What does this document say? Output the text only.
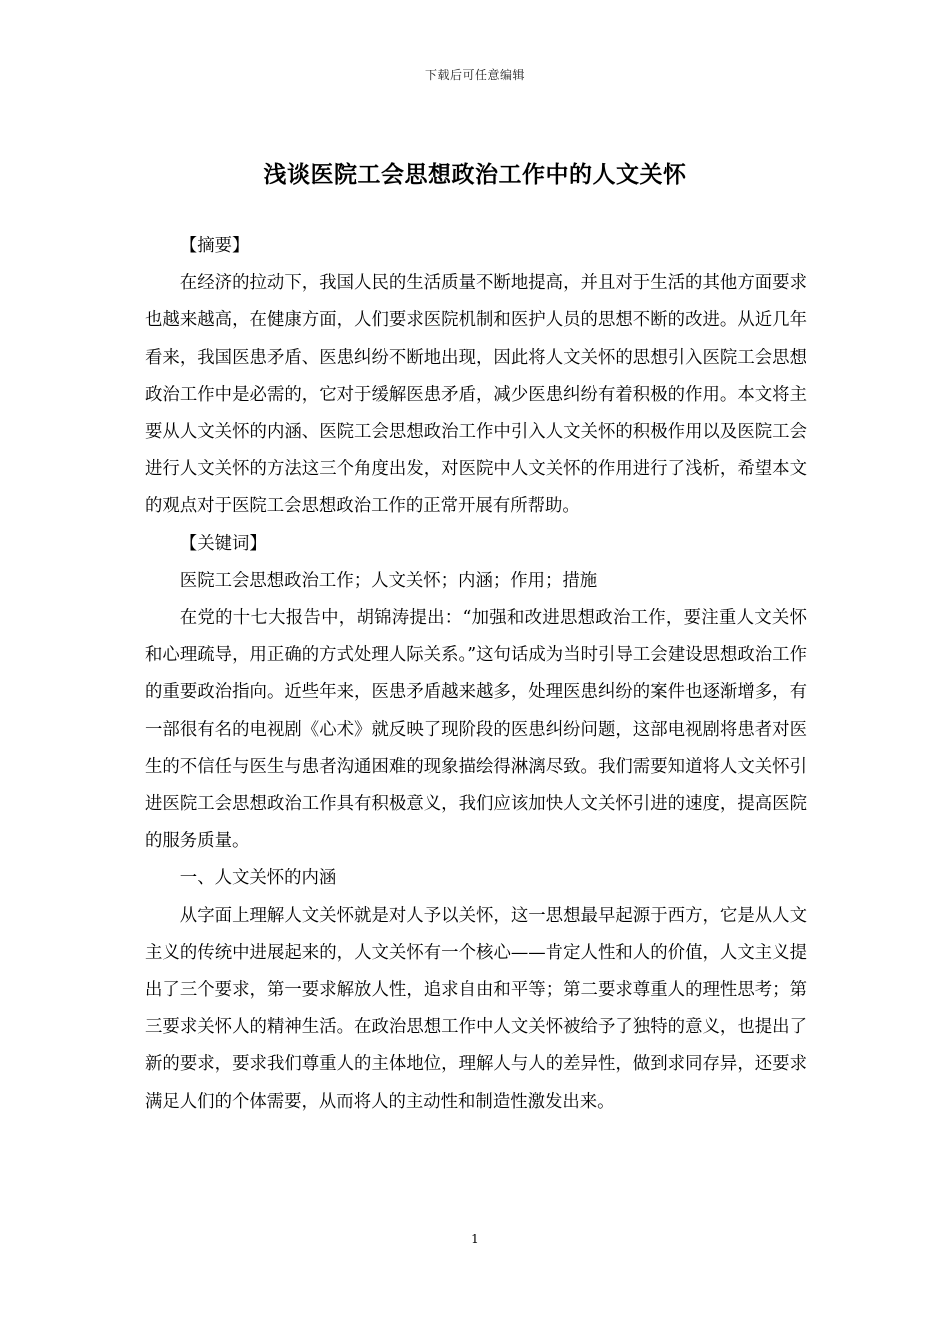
下载后可任意编辑
浅谈医院工会思想政治工作中的人文关怀

【摘要】

在经济的拉动下，我国人民的生活质量不断地提高，并且对于生活的其他方面要求也越来越高，在健康方面，人们要求医院机制和医护人员的思想不断的改进。从近几年看来，我国医患矛盾、医患纠纷不断地出现，因此将人文关怀的思想引入医院工会思想政治工作中是必需的，它对于缓解医患矛盾，减少医患纠纷有着积极的作用。本文将主要从人文关怀的内涵、医院工会思想政治工作中引入人文关怀的积极作用以及医院工会进行人文关怀的方法这三个角度出发，对医院中人文关怀的作用进行了浅析，希望本文的观点对于医院工会思想政治工作的正常开展有所帮助。

【关键词】

医院工会思想政治工作；人文关怀；内涵；作用；措施

在党的十七大报告中，胡锦涛提出：“加强和改进思想政治工作，要注重人文关怀和心理疏导，用正确的方式处理人际关系。”这句话成为当时引导工会建设思想政治工作的重要政治指向。近些年来，医患矛盾越来越多，处理医患纠纷的案件也逐渐增多，有一部很有名的电视剧《心术》就反映了现阶段的医患纠纷问题，这部电视剧将患者对医生的不信任与医生与患者沟通困难的现象描绘得淋漓尽致。我们需要知道将人文关怀引进医院工会思想政治工作具有积极意义，我们应该加快人文关怀引进的速度，提高医院的服务质量。

一、人文关怀的内涵

从字面上理解人文关怀就是对人予以关怀，这一思想最早起源于西方，它是从人文主义的传统中进展起来的，人文关怀有一个核心——肯定人性和人的价值，人文主义提出了三个要求，第一要求解放人性，追求自由和平等；第二要求尊重人的理性思考；第三要求关怀人的精神生活。在政治思想工作中人文关怀被给予了独特的意义，也提出了新的要求，要求我们尊重人的主体地位，理解人与人的差异性，做到求同存异，还要求满足人们的个体需要，从而将人的主动性和制造性激发出来。

1
